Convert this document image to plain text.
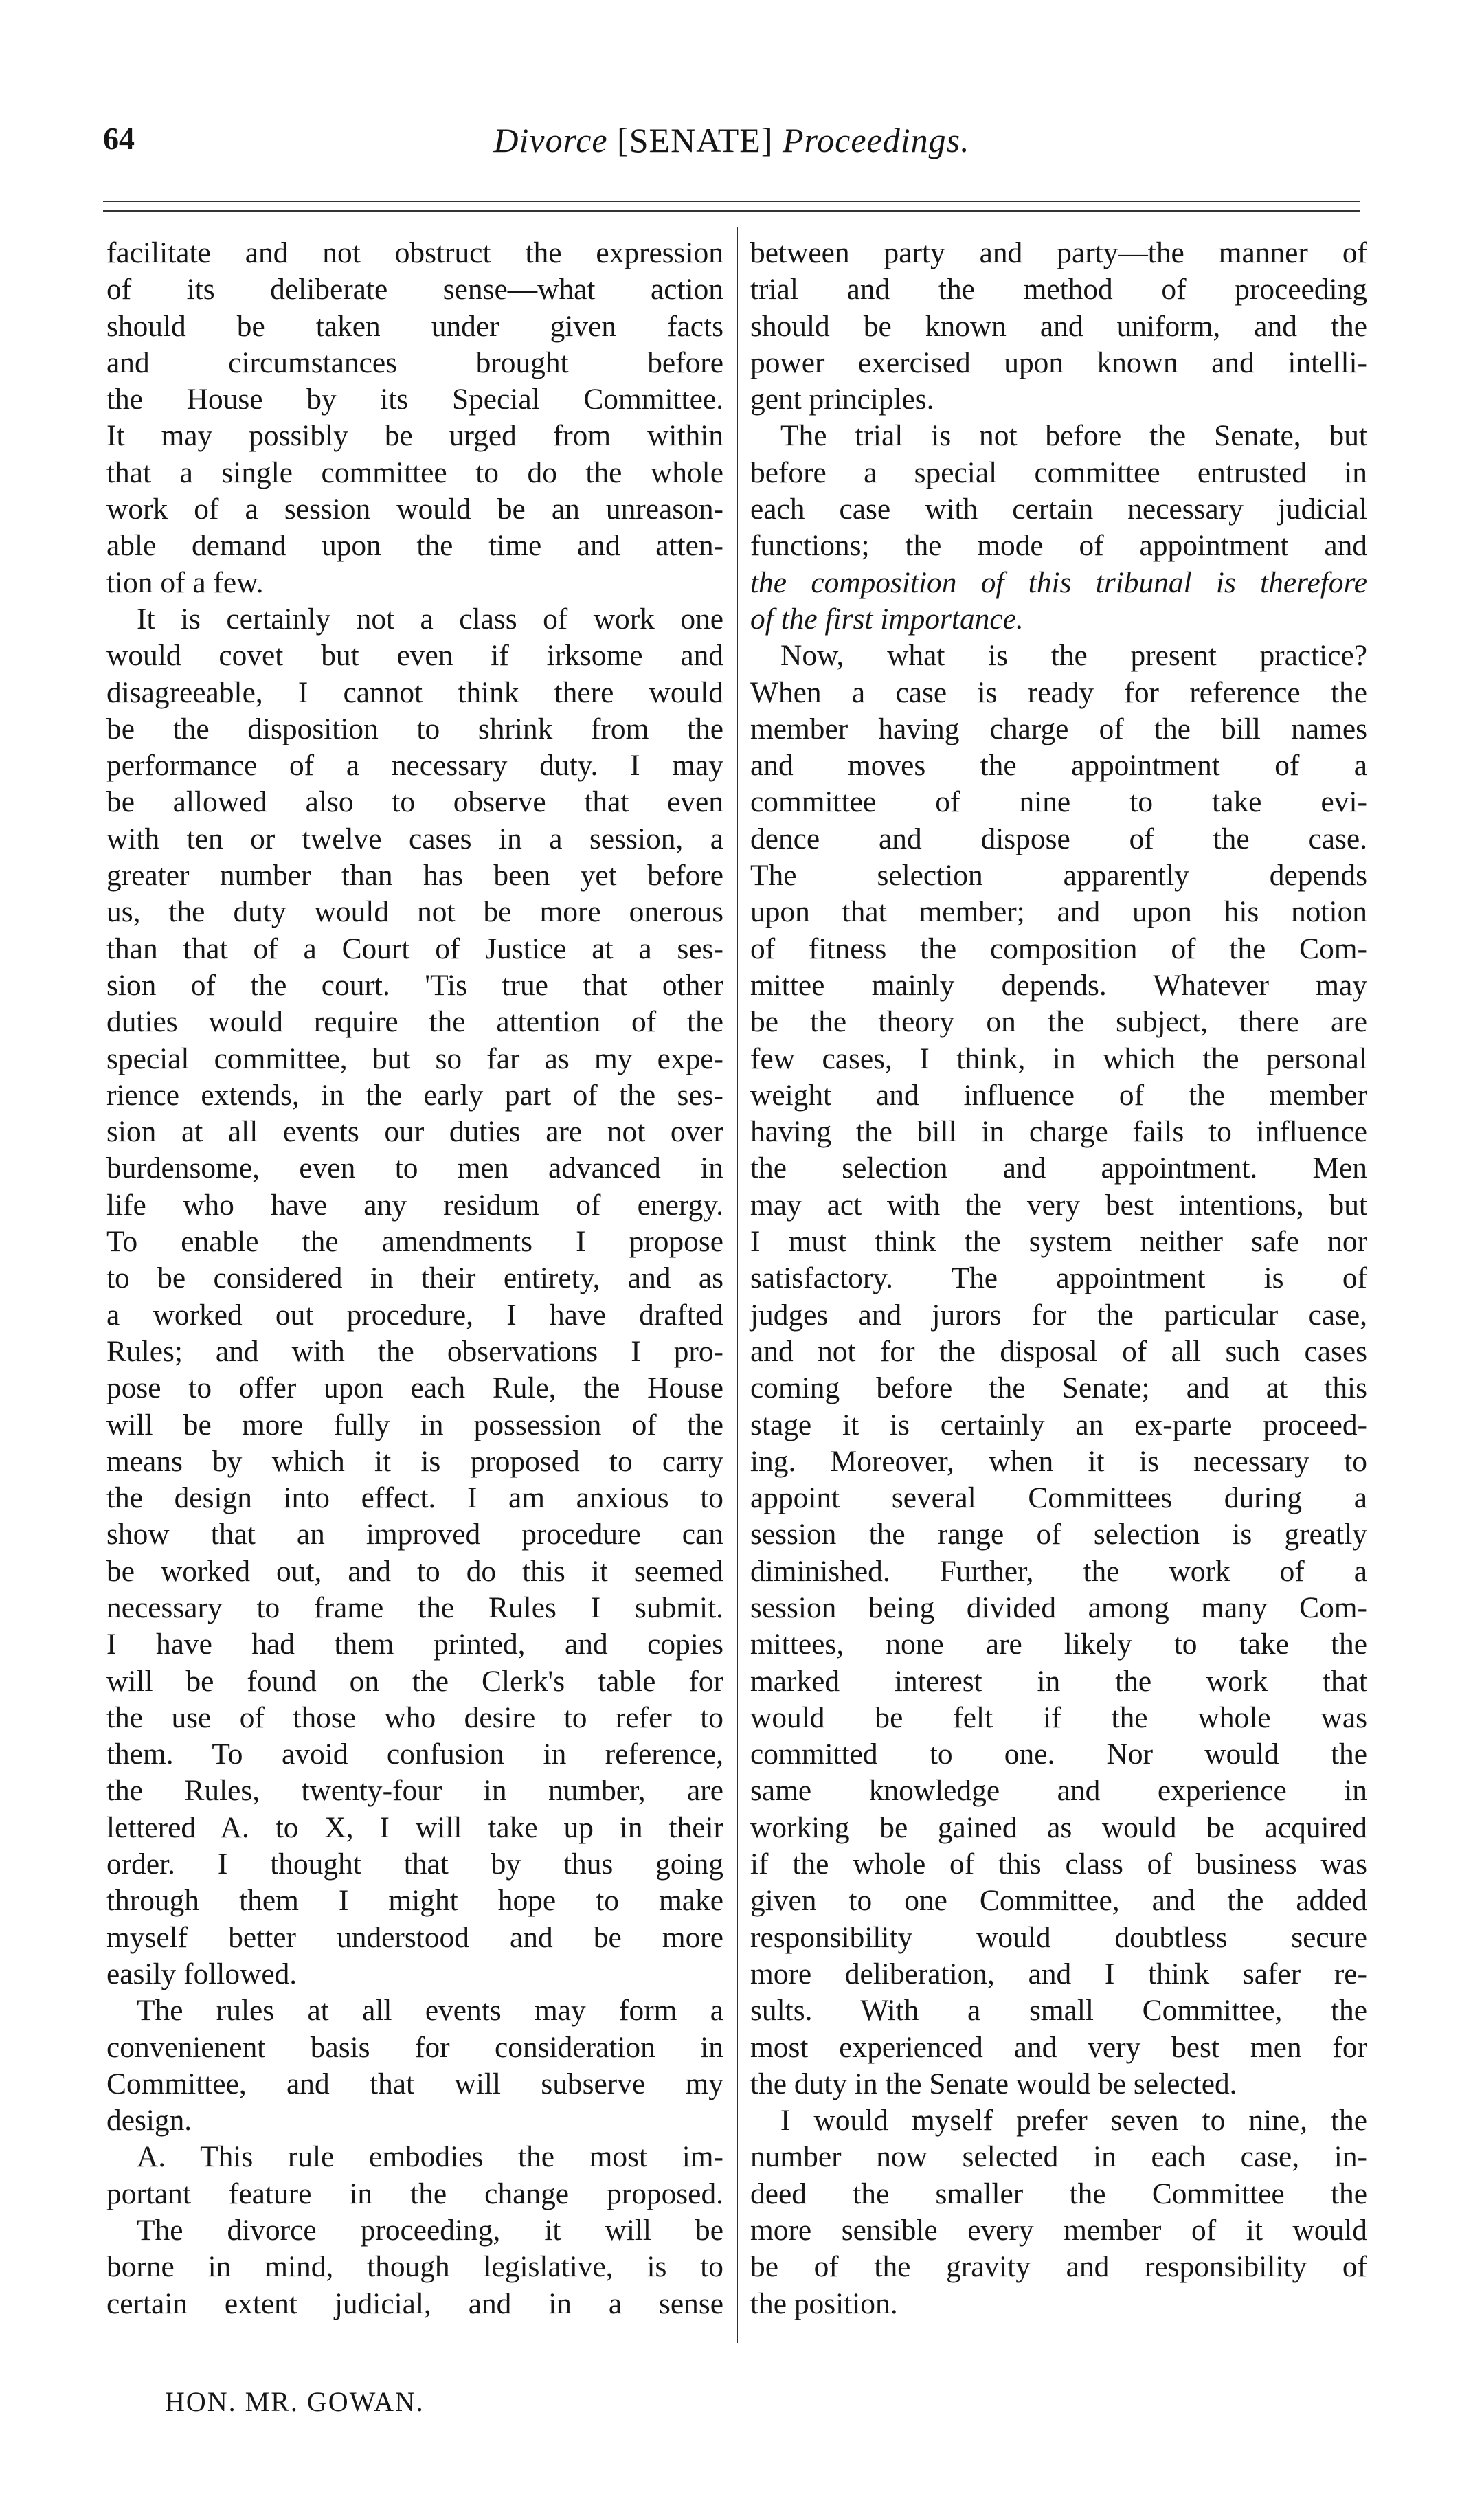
64	Divorce [SENATE] Proceedings.
facilitate and not obstruct the expression
of its deliberate sense—what action
should be taken under given facts
and circumstances brought before
the House by its Special Committee.
It may possibly be urged from within
that a single committee to do the whole
work of a session would be an unreason-
able demand upon the time and atten-
tion of a few.
It is certainly not a class of work one
would covet but even if irksome and
disagreeable, I cannot think there would
be the disposition to shrink from the
performance of a necessary duty. I may
be allowed also to observe that even
with ten or twelve cases in a session, a
greater number than has been yet before
us, the duty would not be more onerous
than that of a Court of Justice at a ses-
sion of the court. 'Tis true that other
duties would require the attention of the
special committee, but so far as my expe-
rience extends, in the early part of the ses-
sion at all events our duties are not over
burdensome, even to men advanced in
life who have any residum of energy.
To enable the amendments I propose
to be considered in their entirety, and as
a worked out procedure, I have drafted
Rules; and with the observations I pro-
pose to offer upon each Rule, the House
will be more fully in possession of the
means by which it is proposed to carry
the design into effect. I am anxious to
show that an improved procedure can
be worked out, and to do this it seemed
necessary to frame the Rules I submit.
I have had them printed, and copies
will be found on the Clerk's table for
the use of those who desire to refer to
them. To avoid confusion in reference,
the Rules, twenty-four in number, are
lettered A. to X, I will take up in their
order. I thought that by thus going
through them I might hope to make
myself better understood and be more
easily followed.
The rules at all events may form a
convenienent basis for consideration in
Committee, and that will subserve my
design.
A. This rule embodies the most im-
portant feature in the change proposed.
The divorce proceeding, it will be
borne in mind, though legislative, is to
certain extent judicial, and in a sense
between party and party—the manner of
trial and the method of proceeding
should be known and uniform, and the
power exercised upon known and intelli-
gent principles.
The trial is not before the Senate, but
before a special committee entrusted in
each case with certain necessary judicial
functions; the mode of appointment and
the composition of this tribunal is therefore
of the first importance.
Now, what is the present practice?
When a case is ready for reference the
member having charge of the bill names
and moves the appointment of a
committee of nine to take evi-
dence and dispose of the case.
The selection apparently depends
upon that member; and upon his notion
of fitness the composition of the Com-
mittee mainly depends. Whatever may
be the theory on the subject, there are
few cases, I think, in which the personal
weight and influence of the member
having the bill in charge fails to influence
the selection and appointment. Men
may act with the very best intentions, but
I must think the system neither safe nor
satisfactory. The appointment is of
judges and jurors for the particular case,
and not for the disposal of all such cases
coming before the Senate; and at this
stage it is certainly an ex-parte proceed-
ing. Moreover, when it is necessary to
appoint several Committees during a
session the range of selection is greatly
diminished. Further, the work of a
session being divided among many Com-
mittees, none are likely to take the
marked interest in the work that
would be felt if the whole was
committed to one. Nor would the
same knowledge and experience in
working be gained as would be acquired
if the whole of this class of business was
given to one Committee, and the added
responsibility would doubtless secure
more deliberation, and I think safer re-
sults. With a small Committee, the
most experienced and very best men for
the duty in the Senate would be selected.
I would myself prefer seven to nine, the
number now selected in each case, in-
deed the smaller the Committee the
more sensible every member of it would
be of the gravity and responsibility of
the position.
HON. MR. GOWAN.
